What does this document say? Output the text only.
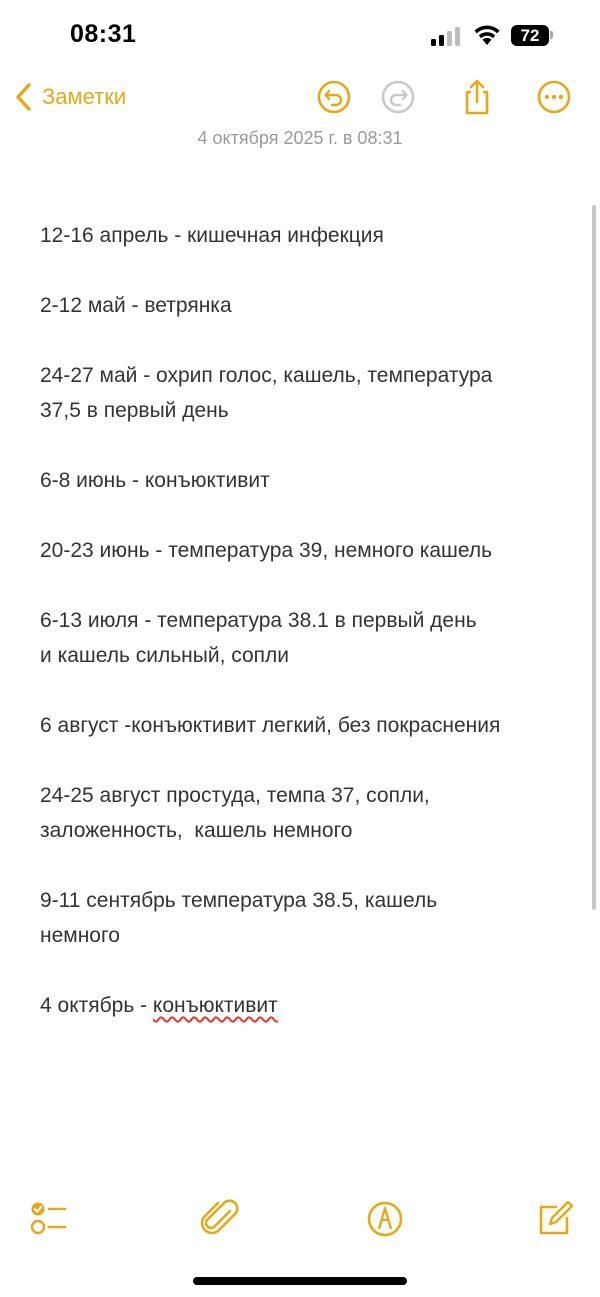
08:31	72
Заметки
4 октября 2025 г. в 08:31
12-16 апрель - кишечная инфекция
2-12 май - ветрянка
24-27 май - охрип голос, кашель, температура
37,5 в первый день
6-8 июнь - конъюктивит
20-23 июнь - температура 39, немного кашель
6-13 июля - температура 38.1 в первый день
и кашель сильный, сопли
6 август -конъюктивит легкий, без покраснения
24-25 август простуда, темпа 37, сопли,
заложенность,  кашель немного
9-11 сентябрь температура 38.5, кашель
немного
4 октябрь - конъюктивит
